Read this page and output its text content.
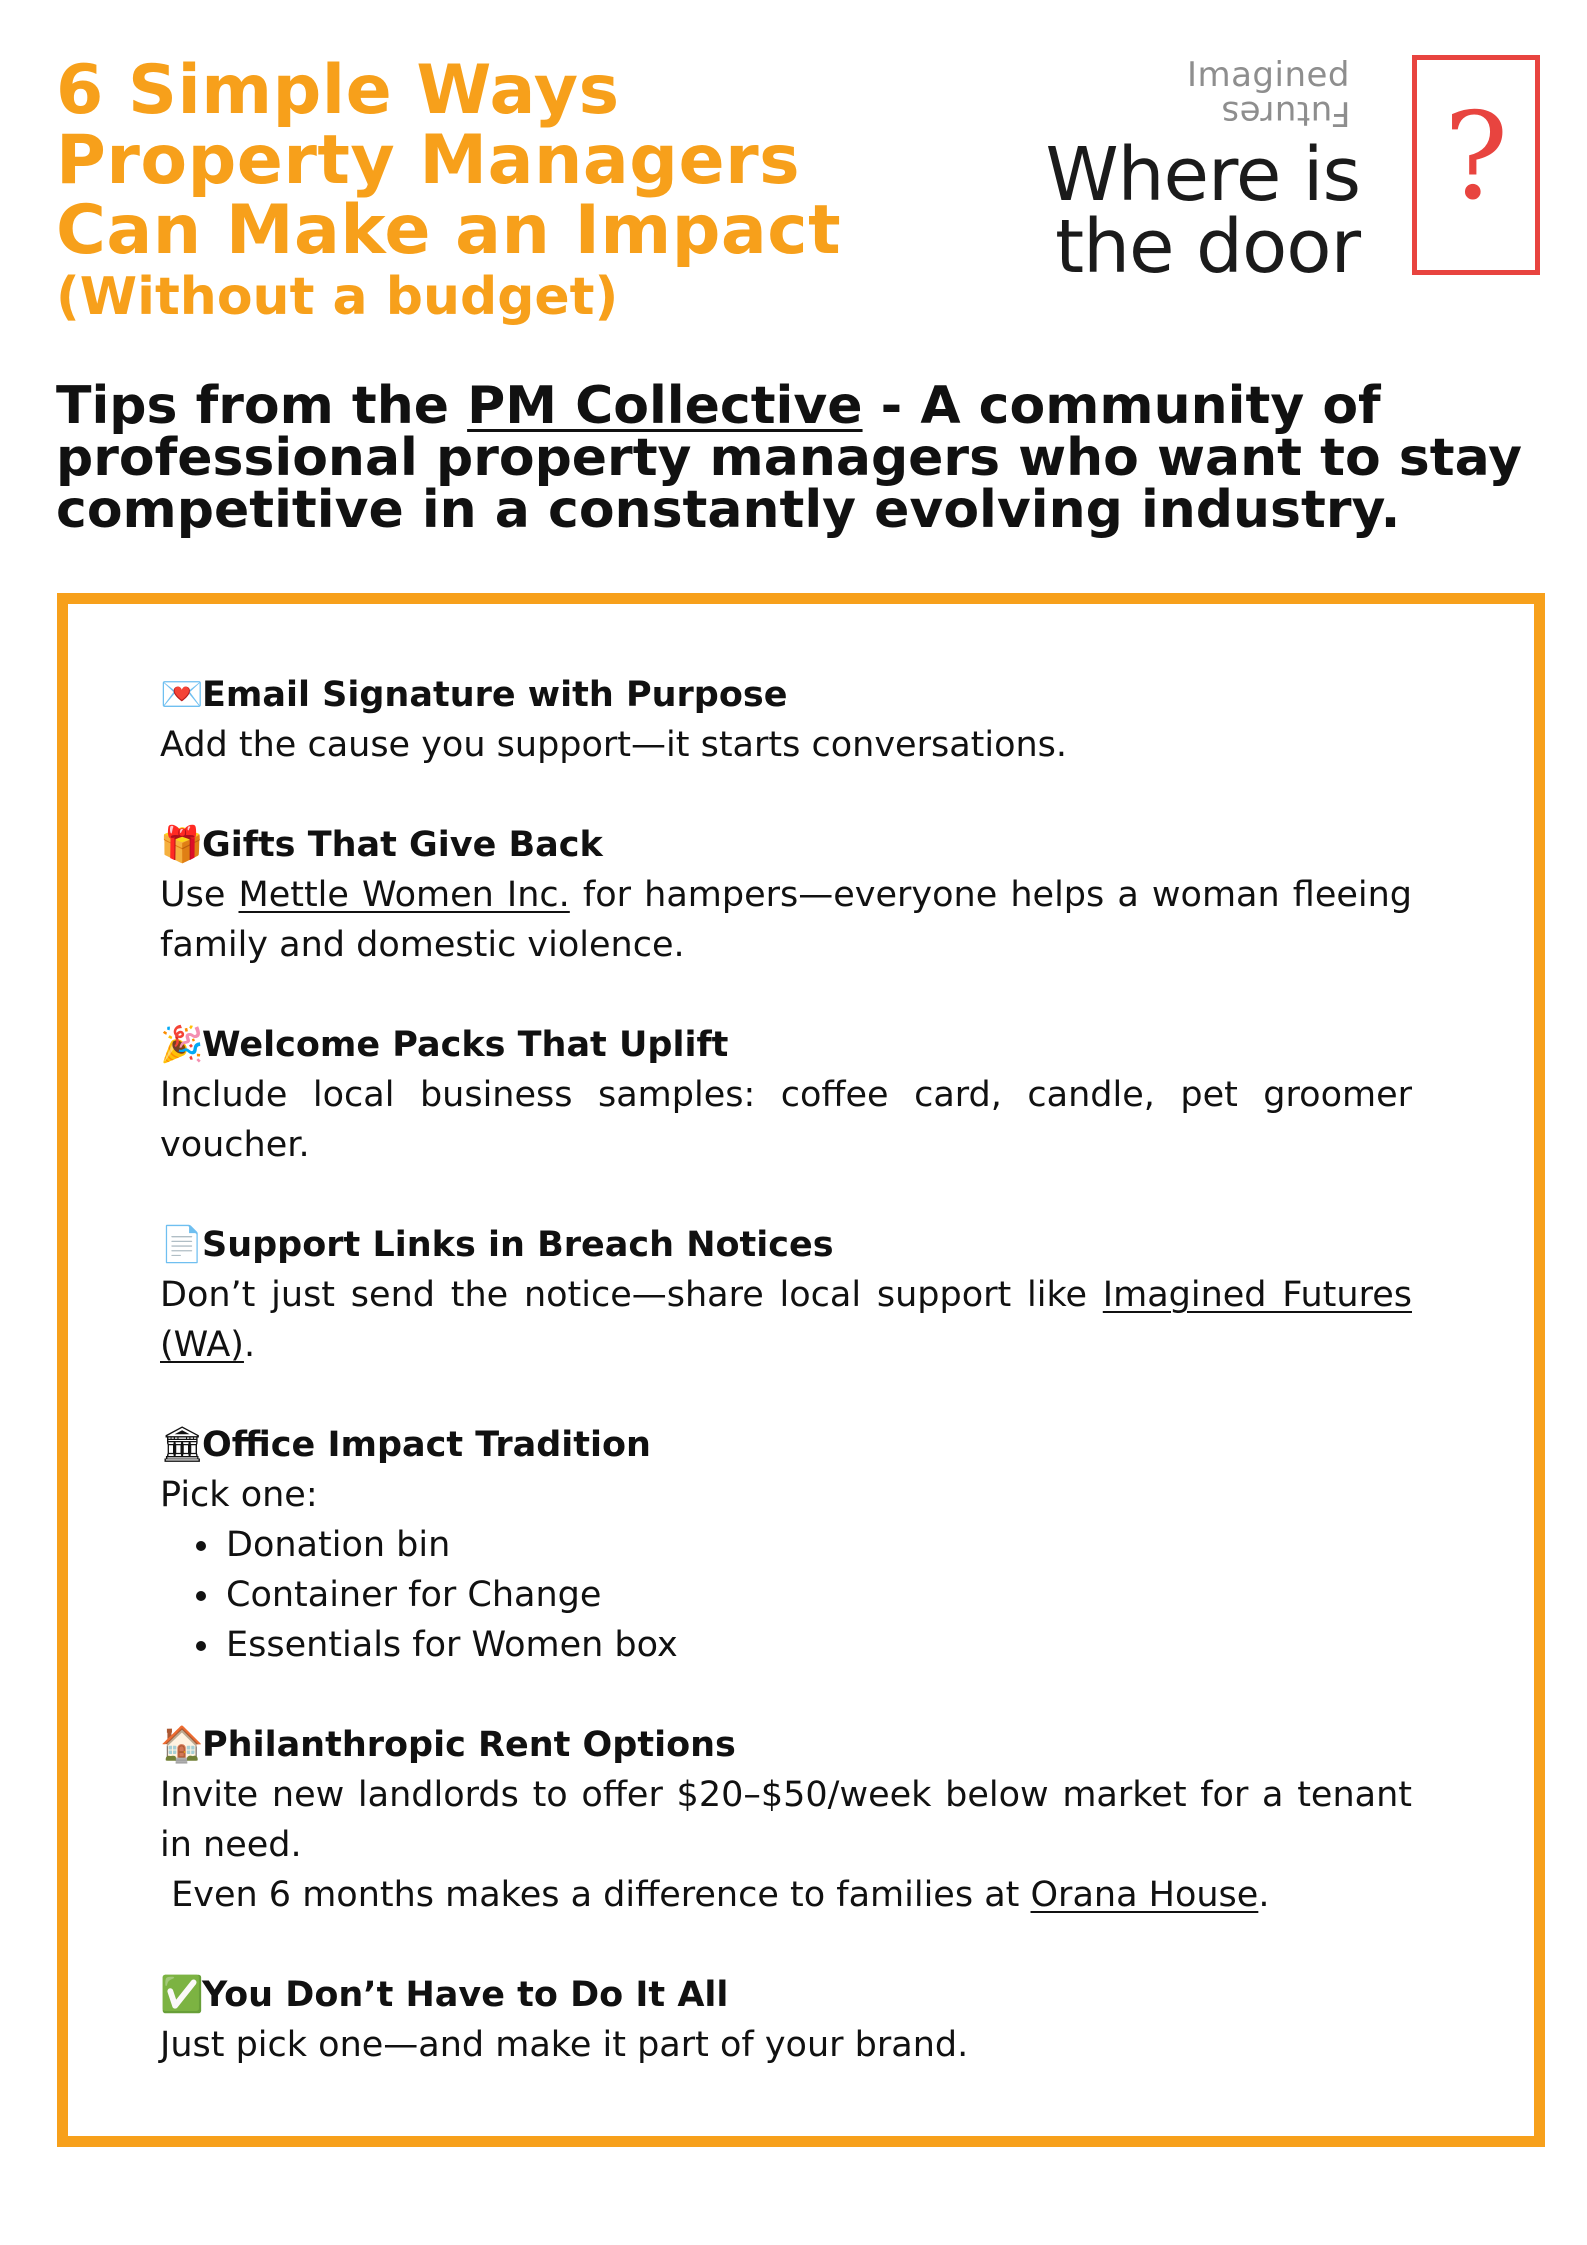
6 Simple Ways
Property Managers
Can Make an Impact
(Without a budget)
Imagined
Futures
Where is
the door
?
Tips from the PM Collective - A community of professional property managers who want to stay competitive in a constantly evolving industry.
💌Email Signature with Purpose
Add the cause you support—it starts conversations.
🎁Gifts That Give Back
Use Mettle Women Inc. for hampers—everyone helps a woman fleeing family and domestic violence.
🎉Welcome Packs That Uplift
Include local business samples: coffee card, candle, pet groomer voucher.
📄Support Links in Breach Notices
Don’t just send the notice—share local support like Imagined Futures (WA).
🏛Office Impact Tradition
Pick one:
Donation bin
Container for Change
Essentials for Women box
🏠Philanthropic Rent Options
Invite new landlords to offer $20–$50/week below market for a tenant in need.
Even 6 months makes a difference to families at Orana House.
✅You Don’t Have to Do It All
Just pick one—and make it part of your brand.
